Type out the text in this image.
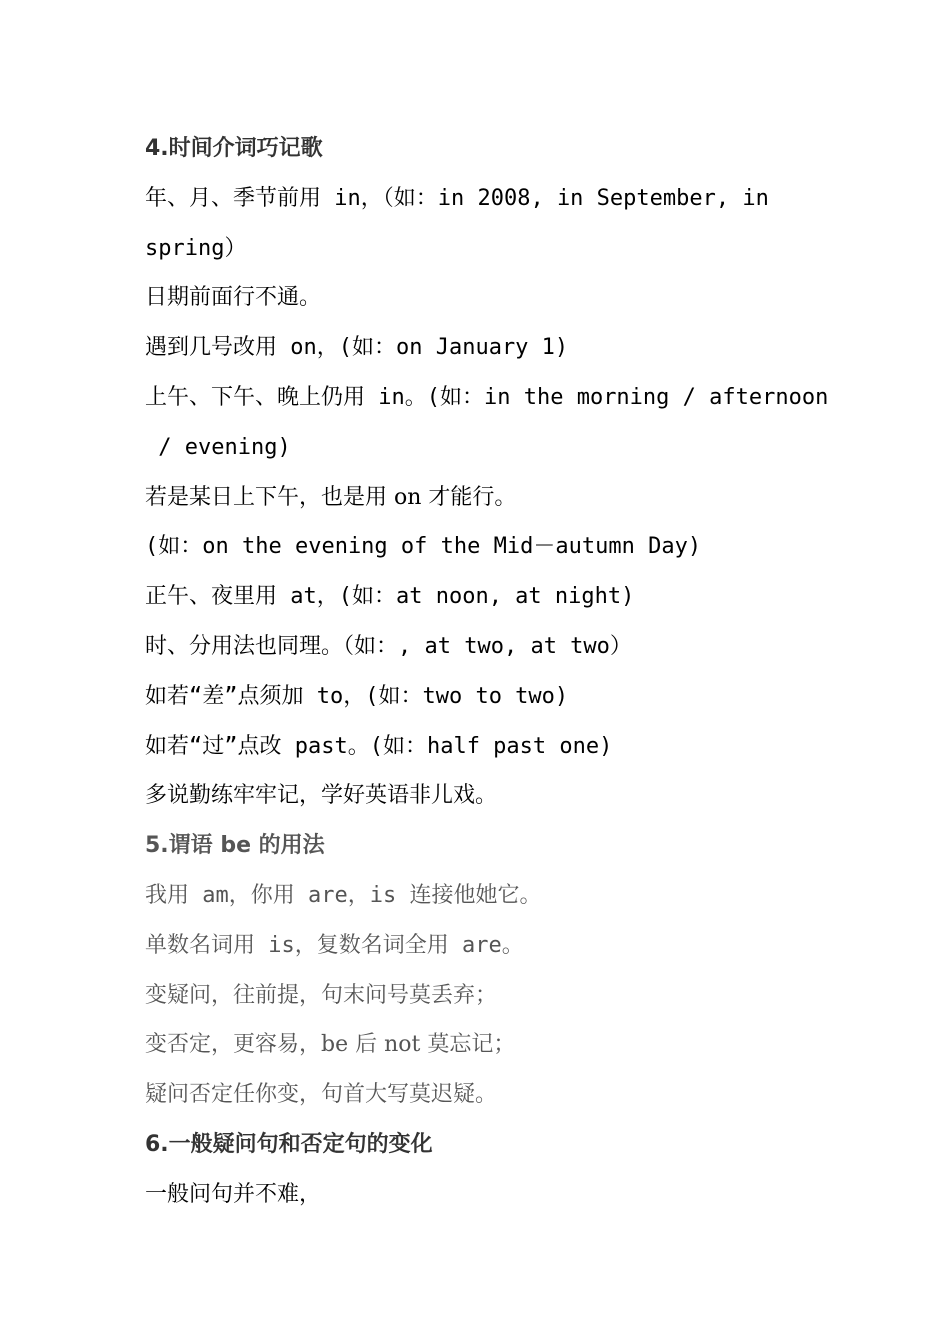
4.时间介词巧记歌
年、月、季节前用 in，（如：in 2008, in September, in
spring）
日期前面行不通。
遇到几号改用 on，(如：on January 1)
上午、下午、晚上仍用 in。(如：in the morning / afternoon
/ evening)
若是某日上下午，也是用 on 才能行。
(如：on the evening of the Mid－autumn Day)
正午、夜里用 at，(如：at noon, at night)
时、分用法也同理。（如：, at two, at two）
如若“差”点须加 to，(如：two to two)
如若“过”点改 past。(如：half past one)
多说勤练牢牢记，学好英语非儿戏。
5.谓语 be 的用法
我用 am，你用 are，is 连接他她它。
单数名词用 is，复数名词全用 are。
变疑问，往前提，句末问号莫丢弃；
变否定，更容易，be 后 not 莫忘记；
疑问否定任你变，句首大写莫迟疑。
6.一般疑问句和否定句的变化
一般问句并不难，
